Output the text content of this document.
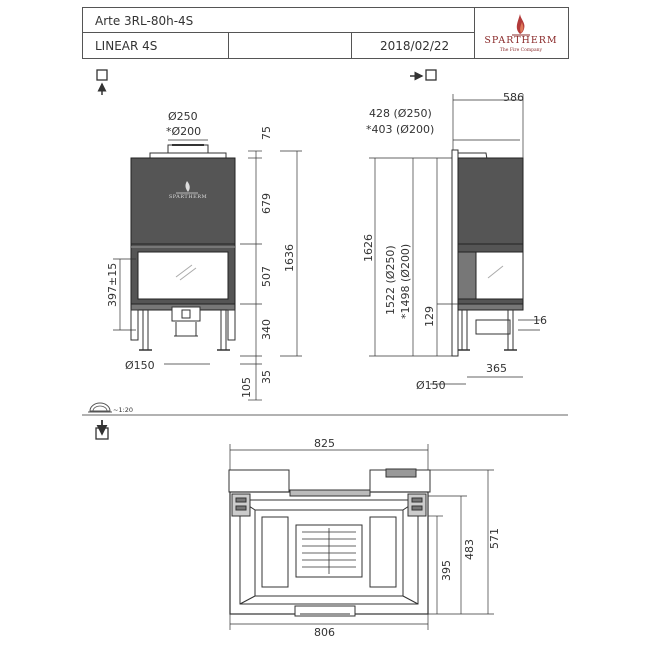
Arte 3RL-80h-4S
LINEAR 4S	2018/02/22	SPARTHERM
The Fire Company
~1:20
Ø250
*Ø200	75
679
1636
507
397±15
340
35
105
Ø150
586
428 (Ø250)
*403 (Ø200)
1626 1522 (Ø250) *1498 (Ø200) 129	16
365
Ø150
825
806
395
483
571
SPARTHERM
